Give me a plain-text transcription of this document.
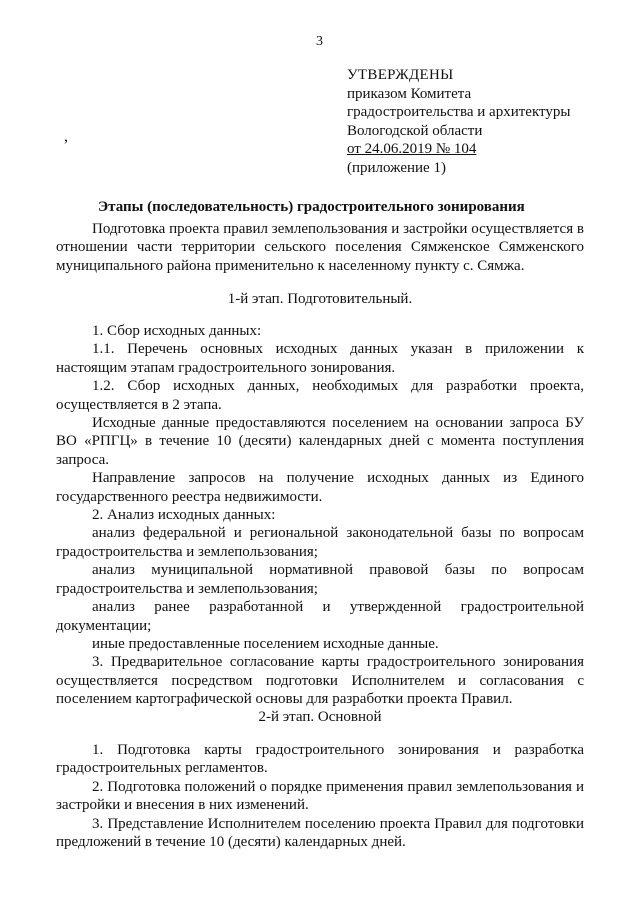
3
,
УТВЕРЖДЕНЫ
приказом Комитета
градостроительства и архитектуры
Вологодской области
от 24.06.2019 № 104
(приложение 1)
Этапы (последовательность) градостроительного зонирования

Подготовка проекта правил землепользования и застройки осуществляется в отношении части территории сельского поселения Сямженское Сямженского муниципального района применительно к населенному пункту с. Сямжа.

1-й этап. Подготовительный.

1. Сбор исходных данных:

1.1. Перечень основных исходных данных указан в приложении к настоящим этапам градостроительного зонирования.

1.2. Сбор исходных данных, необходимых для разработки проекта, осуществляется в 2 этапа.

Исходные данные предоставляются поселением на основании запроса БУ ВО «РПГЦ» в течение 10 (десяти) календарных дней с момента поступления запроса.

Направление запросов на получение исходных данных из Единого государственного реестра недвижимости.

2. Анализ исходных данных:

анализ федеральной и региональной законодательной базы по вопросам градостроительства и землепользования;

анализ муниципальной нормативной правовой базы по вопросам градостроительства и землепользования;

анализ ранее разработанной и утвержденной градостроительной документации;

иные предоставленные поселением исходные данные.

3. Предварительное согласование карты градостроительного зонирования осуществляется посредством подготовки Исполнителем и согласования с поселением картографической основы для разработки проекта Правил.

2-й этап. Основной

1. Подготовка карты градостроительного зонирования и разработка градостроительных регламентов.

2. Подготовка положений о порядке применения правил землепользования и застройки и внесения в них изменений.

3. Представление Исполнителем поселению проекта Правил для подготовки предложений в течение 10 (десяти) календарных дней.
